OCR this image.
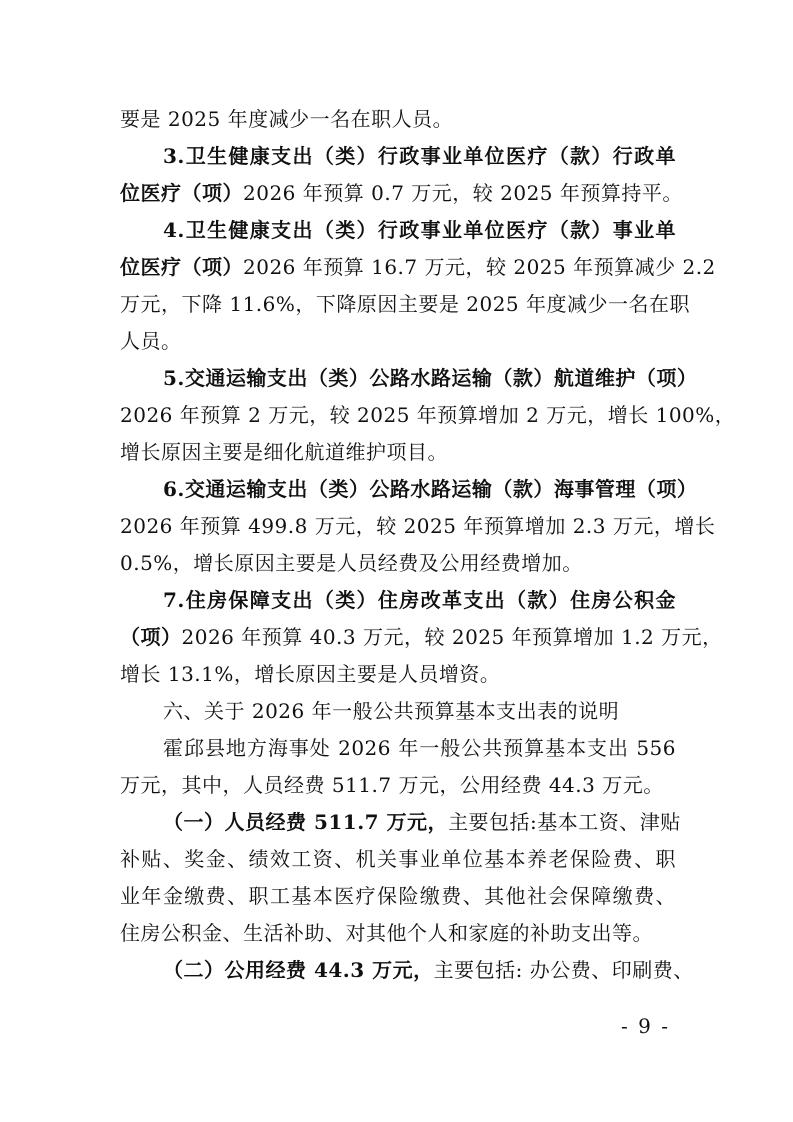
要是 2025 年度减少一名在职人员。
3.卫生健康支出（类）行政事业单位医疗（款）行政单
位医疗（项）2026 年预算 0.7 万元，较 2025 年预算持平。
4.卫生健康支出（类）行政事业单位医疗（款）事业单
位医疗（项）2026 年预算 16.7 万元，较 2025 年预算减少 2.2
万元，下降 11.6%，下降原因主要是 2025 年度减少一名在职
人员。
5.交通运输支出（类）公路水路运输（款）航道维护（项）
2026 年预算 2 万元，较 2025 年预算增加 2 万元，增长 100%，
增长原因主要是细化航道维护项目。
6.交通运输支出（类）公路水路运输（款）海事管理（项）
2026 年预算 499.8 万元，较 2025 年预算增加 2.3 万元，增长
0.5%，增长原因主要是人员经费及公用经费增加。
7.住房保障支出（类）住房改革支出（款）住房公积金
（项）2026 年预算 40.3 万元，较 2025 年预算增加 1.2 万元，
增长 13.1%，增长原因主要是人员增资。
六、关于 2026 年一般公共预算基本支出表的说明
霍邱县地方海事处 2026 年一般公共预算基本支出 556
万元，其中，人员经费 511.7 万元，公用经费 44.3 万元。
（一）人员经费 511.7 万元，主要包括:基本工资、津贴
补贴、奖金、绩效工资、机关事业单位基本养老保险费、职
业年金缴费、职工基本医疗保险缴费、其他社会保障缴费、
住房公积金、生活补助、对其他个人和家庭的补助支出等。
（二）公用经费 44.3 万元，主要包括: 办公费、印刷费、
- 9 -
